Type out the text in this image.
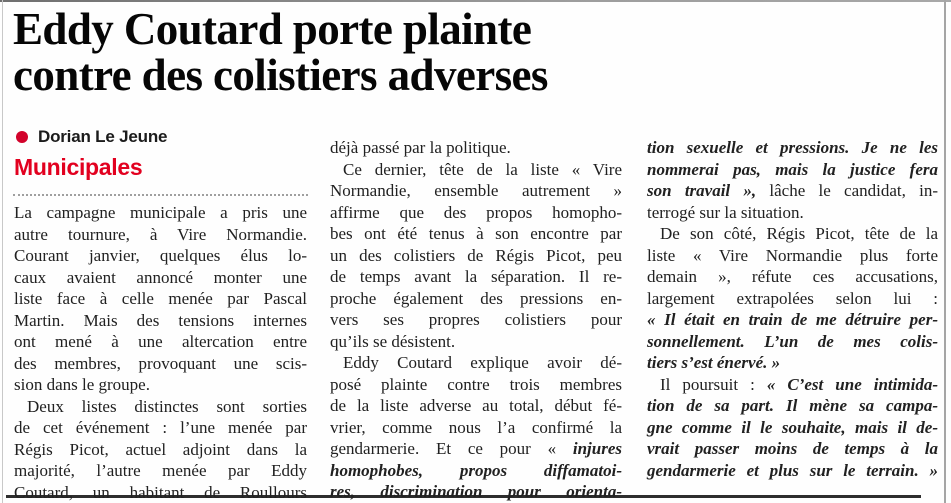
Eddy Coutard porte plainte
contre des colistiers adverses
Dorian Le Jeune
Municipales
La campagne municipale a pris une
autre tournure, à Vire Normandie.
Courant janvier, quelques élus lo-
caux avaient annoncé monter une
liste face à celle menée par Pascal
Martin. Mais des tensions internes
ont mené à une altercation entre
des membres, provoquant une scis-
sion dans le groupe.
Deux listes distinctes sont sorties
de cet événement : l’une menée par
Régis Picot, actuel adjoint dans la
majorité, l’autre menée par Eddy
Coutard, un habitant de Roullours
déjà passé par la politique.
Ce dernier, tête de la liste « Vire
Normandie, ensemble autrement »
affirme que des propos homopho-
bes ont été tenus à son encontre par
un des colistiers de Régis Picot, peu
de temps avant la séparation. Il re-
proche également des pressions en-
vers ses propres colistiers pour
qu’ils se désistent.
Eddy Coutard explique avoir dé-
posé plainte contre trois membres
de la liste adverse au total, début fé-
vrier, comme nous l’a confirmé la
gendarmerie. Et ce pour « injures
homophobes, propos diffamatoi-
res, discrimination pour orienta-
tion sexuelle et pressions. Je ne les
nommerai pas, mais la justice fera
son travail », lâche le candidat, in-
terrogé sur la situation.
De son côté, Régis Picot, tête de la
liste « Vire Normandie plus forte
demain », réfute ces accusations,
largement extrapolées selon lui :
« Il était en train de me détruire per-
sonnellement. L’un de mes colis-
tiers s’est énervé. »
Il poursuit : « C’est une intimida-
tion de sa part. Il mène sa campa-
gne comme il le souhaite, mais il de-
vrait passer moins de temps à la
gendarmerie et plus sur le terrain. »
